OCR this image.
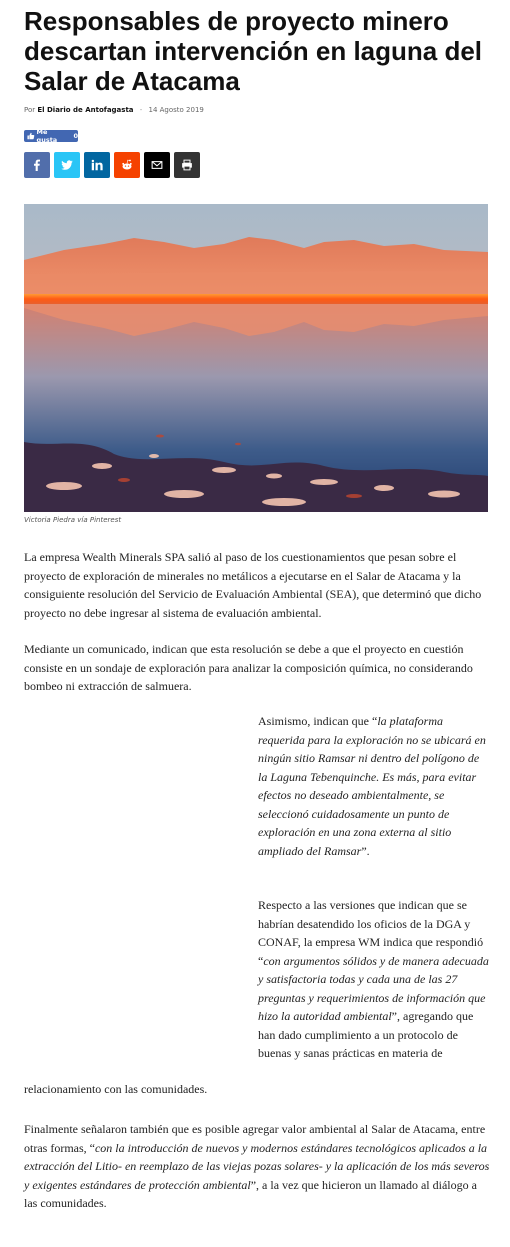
Responsables de proyecto minero descartan intervención en laguna del Salar de Atacama
Por El Diario de Antofagasta - 14 Agosto 2019
Me gusta	0
Victoria Piedra vía Pinterest

La empresa Wealth Minerals SPA salió al paso de los cuestionamientos que pesan sobre el proyecto de exploración de minerales no metálicos a ejecutarse en el Salar de Atacama y la consiguiente resolución del Servicio de Evaluación Ambiental (SEA), que determinó que dicho proyecto no debe ingresar al sistema de evaluación ambiental.

Mediante un comunicado, indican que esta resolución se debe a que el proyecto en cuestión consiste en un sondaje de exploración para analizar la composición química, no considerando bombeo ni extracción de salmuera.

Asimismo, indican que “la plataforma requerida para la exploración no se ubicará en ningún sitio Ramsar ni dentro del polígono de la Laguna Tebenquinche. Es más, para evitar efectos no deseado ambientalmente, se seleccionó cuidadosamente un punto de exploración en una zona externa al sitio ampliado del Ramsar”.

Respecto a las versiones que indican que se habrían desatendido los oficios de la DGA y CONAF, la empresa WM indica que respondió “con argumentos sólidos y de manera adecuada y satisfactoria todas y cada una de las 27 preguntas y requerimientos de información que hizo la autoridad ambiental”, agregando que han dado cumplimiento a un protocolo de buenas y sanas prácticas en materia de

relacionamiento con las comunidades.

Finalmente señalaron también que es posible agregar valor ambiental al Salar de Atacama, entre otras formas, “con la introducción de nuevos y modernos estándares tecnológicos aplicados a la extracción del Litio- en reemplazo de las viejas pozas solares- y la aplicación de los más severos y exigentes estándares de protección ambiental”, a la vez que hicieron un llamado al diálogo a las comunidades.
